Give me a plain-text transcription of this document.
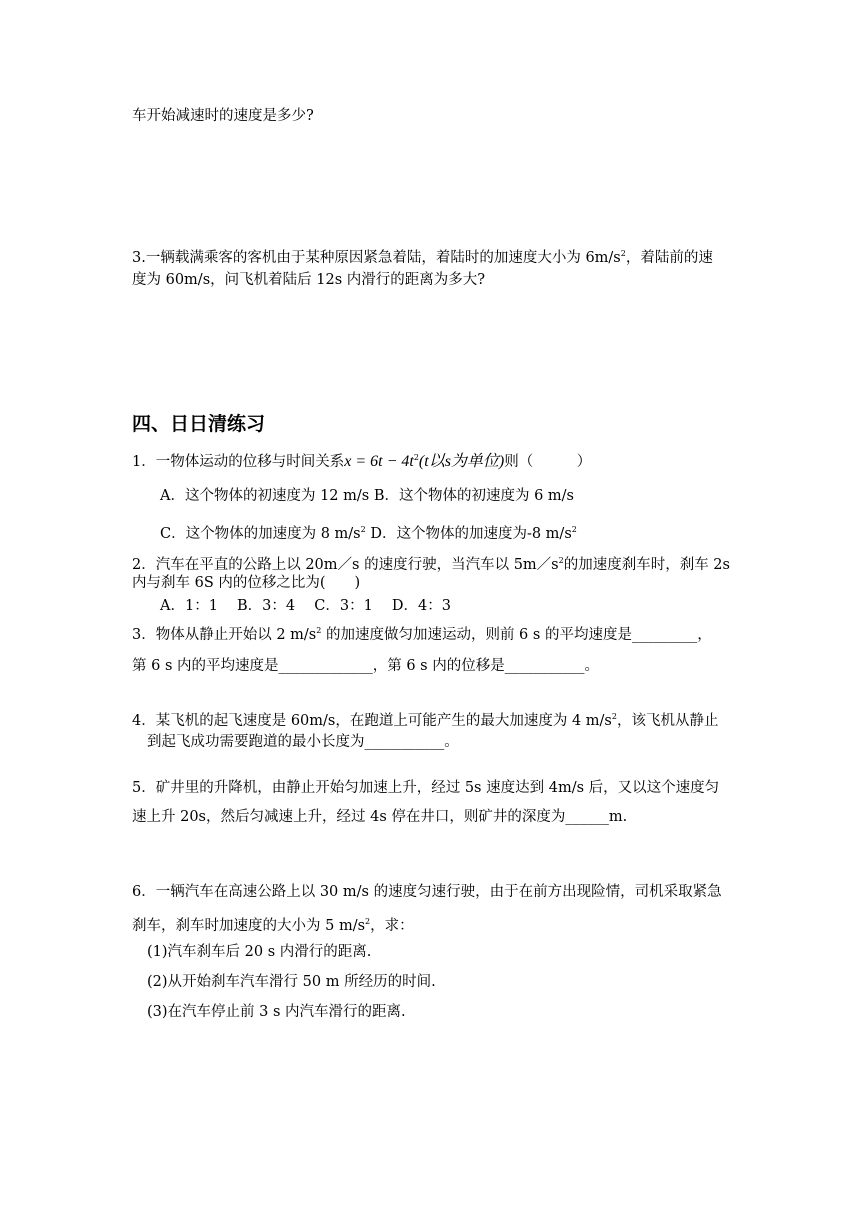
车开始减速时的速度是多少?
3.一辆载满乘客的客机由于某种原因紧急着陆，着陆时的加速度大小为 $6m/s^2$，着陆前的速
度为 60m/s，问飞机着陆后 12s 内滑行的距离为多大?
四、日日清练习
1．一物体运动的位移与时间关系$x = 6t - 4t^2(t$以s为单位)则（　　　）
A．这个物体的初速度为 12 m/s B．这个物体的初速度为 6 m/s
C．这个物体的加速度为 8 $m/s^2$ D．这个物体的加速度为-8 $m/s^2$
2．汽车在平直的公路上以 20m／s 的速度行驶，当汽车以 $5m/s^2$的加速度刹车时，刹车 2s
内与刹车 6S 内的位移之比为(　　)
A．1：1　 B．3：4　 C．3：1　 D．4：3
3．物体从静止开始以 2 $m/s^2$ 的加速度做匀加速运动，则前 6 s 的平均速度是_________，
第 6 s 内的平均速度是_____________，第 6 s 内的位移是___________。
4．某飞机的起飞速度是 60m/s，在跑道上可能产生的最大加速度为 4 $m/s^2$，该飞机从静止
到起飞成功需要跑道的最小长度为___________。
5．矿井里的升降机，由静止开始匀加速上升，经过 5s 速度达到 4m/s 后，又以这个速度匀
速上升 20s，然后匀减速上升，经过 4s 停在井口，则矿井的深度为______m.
6．一辆汽车在高速公路上以 30 m/s 的速度匀速行驶，由于在前方出现险情，司机采取紧急
刹车，刹车时加速度的大小为 5 $m/s^2$，求：
(1)汽车刹车后 20 s 内滑行的距离.
(2)从开始刹车汽车滑行 50 m 所经历的时间.
(3)在汽车停止前 3 s 内汽车滑行的距离.
